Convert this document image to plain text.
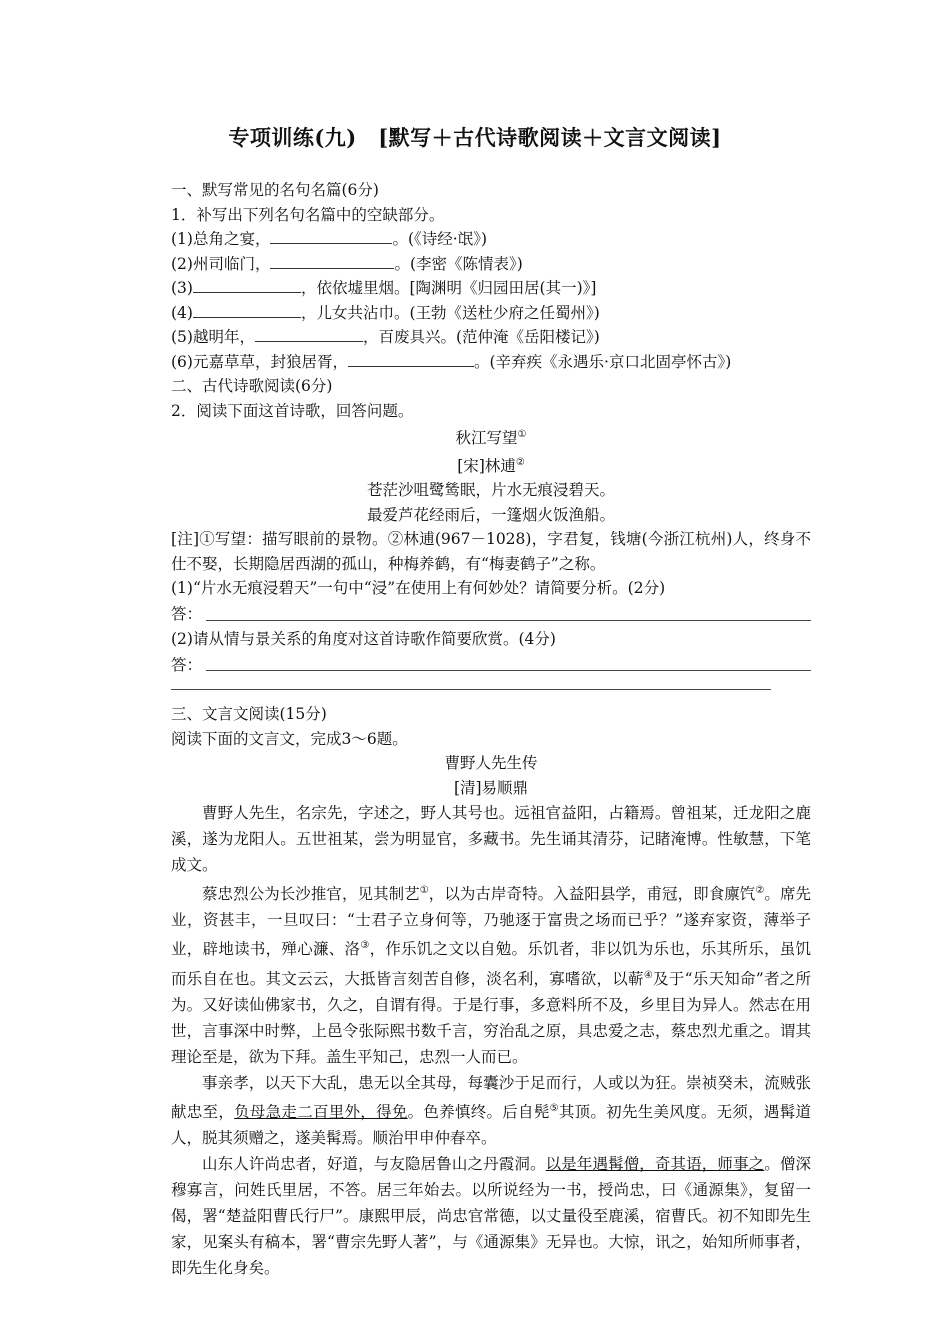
专项训练(九)　[默写＋古代诗歌阅读＋文言文阅读]
一、默写常见的名句名篇(6分)
1．补写出下列名句名篇中的空缺部分。
(1)总角之宴，	。(《诗经·氓》)
(2)州司临门，	。(李密《陈情表》)
(3)	，依依墟里烟。[陶渊明《归园田居(其一)》]
(4)	，儿女共沾巾。(王勃《送杜少府之任蜀州》)
(5)越明年，	，百废具兴。(范仲淹《岳阳楼记》)
(6)元嘉草草，封狼居胥，	。(辛弃疾《永遇乐·京口北固亭怀古》)
二、古代诗歌阅读(6分)
2．阅读下面这首诗歌，回答问题。
秋江写望①
[宋]林逋②
苍茫沙咀鹭鸶眠，片水无痕浸碧天。
最爱芦花经雨后，一篷烟火饭渔船。
[注]①写望：描写眼前的景物。②林逋(967－1028)，字君复，钱塘(今浙江杭州)人，终身不仕不娶，长期隐居西湖的孤山，种梅养鹤，有“梅妻鹤子”之称。
(1)“片水无痕浸碧天”一句中“浸”在使用上有何妙处？请简要分析。(2分)
答：
(2)请从情与景关系的角度对这首诗歌作简要欣赏。(4分)
答：
三、文言文阅读(15分)
阅读下面的文言文，完成3～6题。
曹野人先生传
[清]易顺鼎
曹野人先生，名宗先，字述之，野人其号也。远祖官益阳，占籍焉。曾祖某，迁龙阳之鹿溪，遂为龙阳人。五世祖某，尝为明显官，多藏书。先生诵其清芬，记睹淹博。性敏慧，下笔成文。
蔡忠烈公为长沙推官，见其制艺①，以为古岸奇特。入益阳县学，甫冠，即食廪饩②。席先业，资甚丰，一旦叹曰：“士君子立身何等，乃驰逐于富贵之场而已乎？”遂弃家资，薄举子业，辟地读书，殚心濂、洛③，作乐饥之文以自勉。乐饥者，非以饥为乐也，乐其所乐，虽饥而乐自在也。其文云云，大抵皆言刻苦自修，淡名利，寡嗜欲，以蕲④及于“乐天知命”者之所为。又好读仙佛家书，久之，自谓有得。于是行事，多意料所不及，乡里目为异人。然志在用世，言事深中时弊，上邑令张际熙书数千言，穷治乱之原，具忠爱之志，蔡忠烈尤重之。谓其理论至是，欲为下拜。盖生平知己，忠烈一人而已。
事亲孝，以天下大乱，患无以全其母，每囊沙于足而行，人或以为狂。崇祯癸未，流贼张献忠至，负母急走二百里外，得免。色养慎终。后自髡⑤其顶。初先生美风度。无须，遇髯道人，脱其须赠之，遂美髯焉。顺治甲申仲春卒。
山东人许尚忠者，好道，与友隐居鲁山之丹霞洞。以是年遇髯僧，奇其语，师事之。僧深穆寡言，问姓氏里居，不答。居三年始去。以所说经为一书，授尚忠，曰《通源集》，复留一偈，署“楚益阳曹氏行尸”。康熙甲辰，尚忠官常德，以丈量役至鹿溪，宿曹氏。初不知即先生家，见案头有稿本，署“曹宗先野人著”，与《通源集》无异也。大惊，讯之，始知所师事者，即先生化身矣。
